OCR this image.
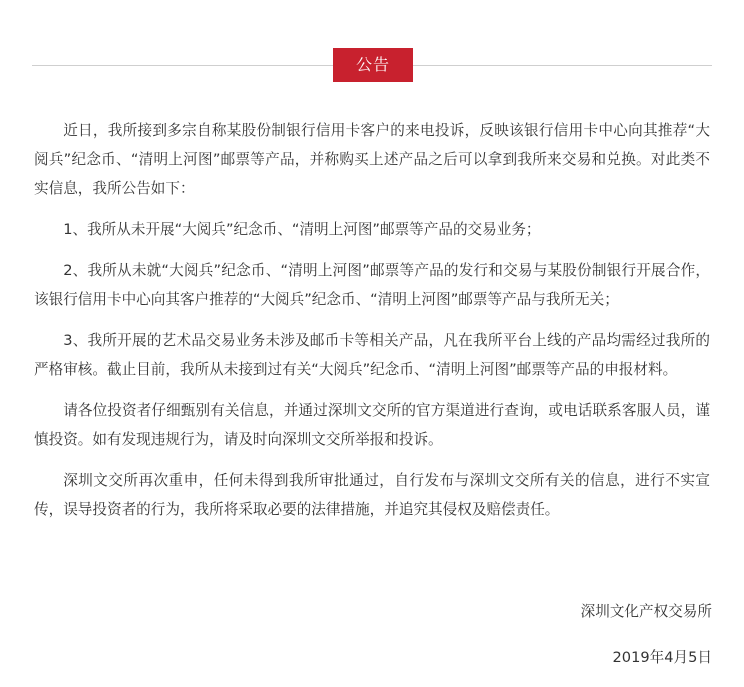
公告

近日，我所接到多宗自称某股份制银行信用卡客户的来电投诉，反映该银行信用卡中心向其推荐“大阅兵”纪念币、“清明上河图”邮票等产品，并称购买上述产品之后可以拿到我所来交易和兑换。对此类不实信息，我所公告如下：

1、我所从未开展“大阅兵”纪念币、“清明上河图”邮票等产品的交易业务；

2、我所从未就“大阅兵”纪念币、“清明上河图”邮票等产品的发行和交易与某股份制银行开展合作，该银行信用卡中心向其客户推荐的“大阅兵”纪念币、“清明上河图”邮票等产品与我所无关；

3、我所开展的艺术品交易业务未涉及邮币卡等相关产品，凡在我所平台上线的产品均需经过我所的严格审核。截止目前，我所从未接到过有关“大阅兵”纪念币、“清明上河图”邮票等产品的申报材料。

请各位投资者仔细甄别有关信息，并通过深圳文交所的官方渠道进行查询，或电话联系客服人员，谨慎投资。如有发现违规行为，请及时向深圳文交所举报和投诉。

深圳文交所再次重申，任何未得到我所审批通过，自行发布与深圳文交所有关的信息，进行不实宣传，误导投资者的行为，我所将采取必要的法律措施，并追究其侵权及赔偿责任。

深圳文化产权交易所
2019年4月5日
